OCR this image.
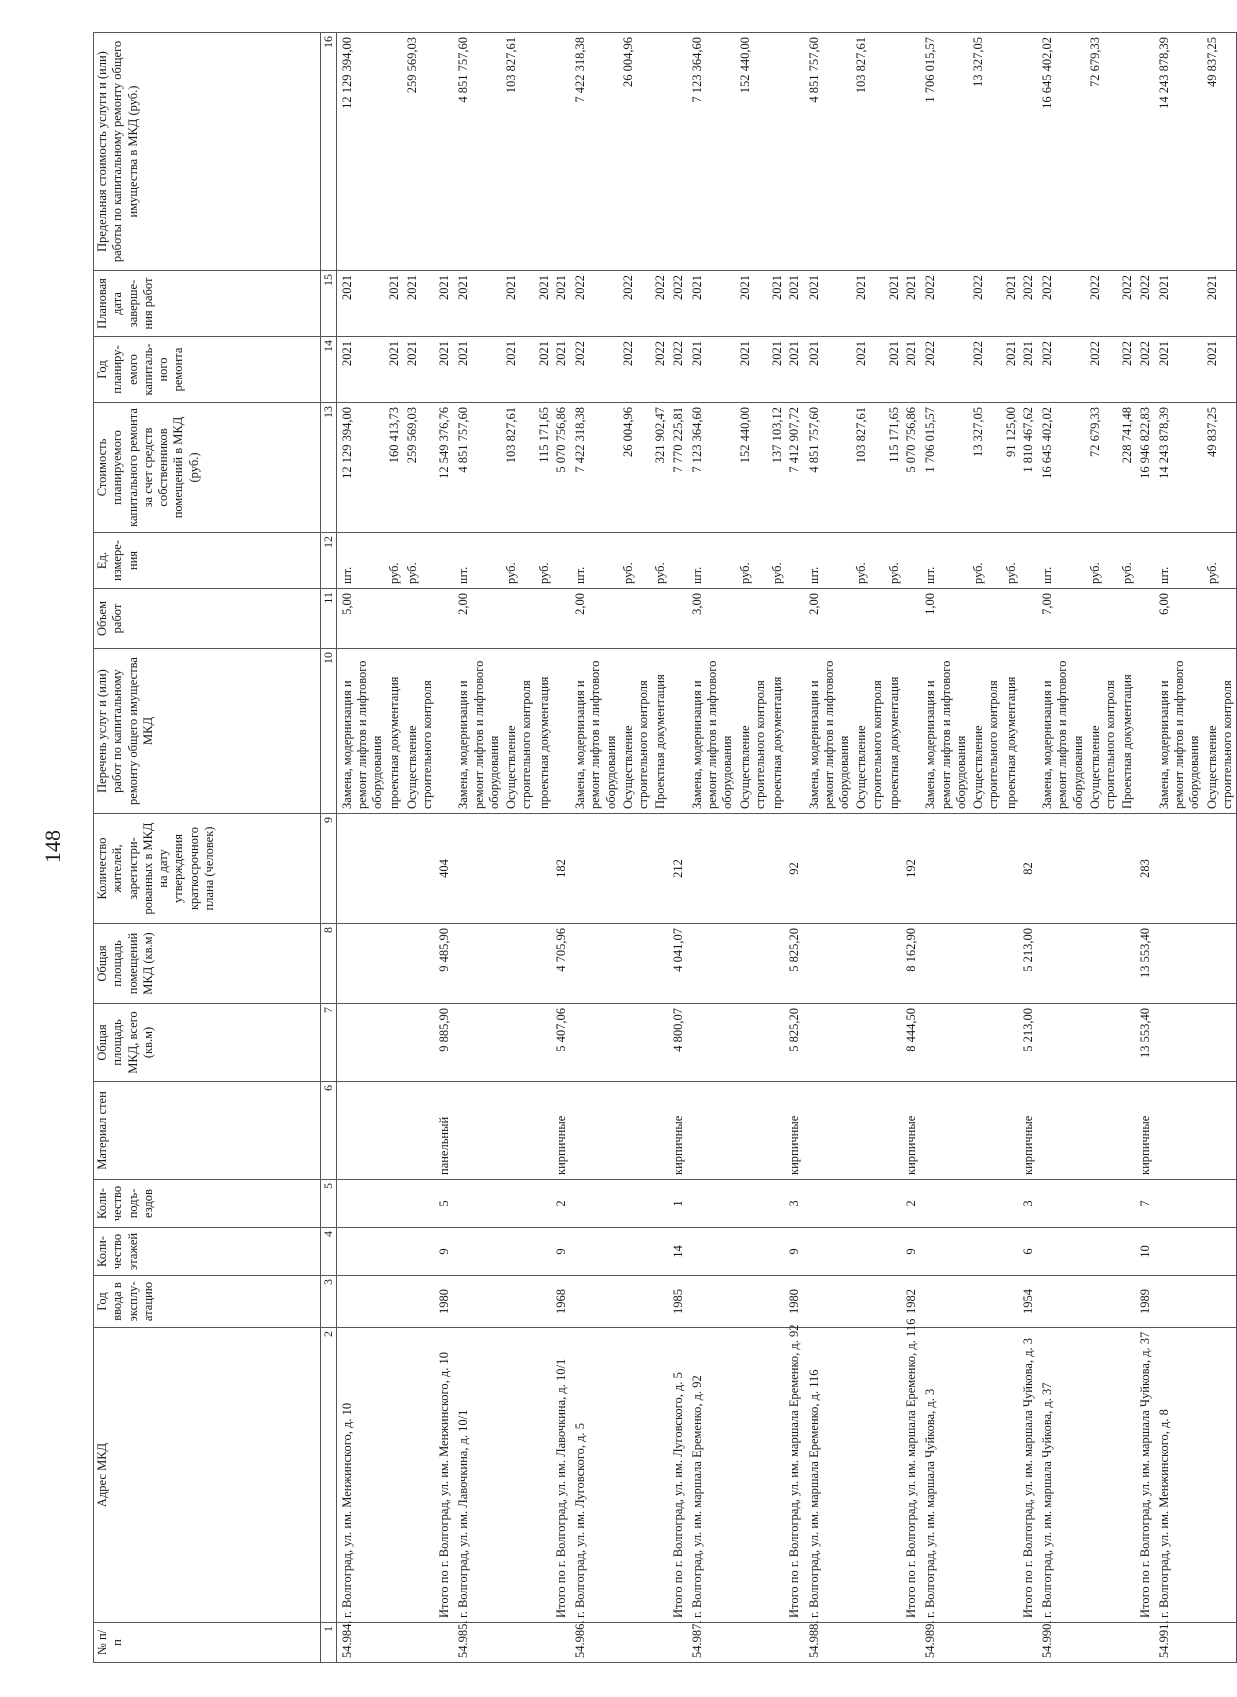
148
№ п/п	Адрес МКД	Год ввода в эксплу-атацию	Коли-чество этажей	Коли-чество подъ-ездов	Материал стен	Общая площадь МКД, всего (кв.м)	Общая площадь помещений МКД (кв.м)	Количество жителей, зарегистри-рованных в МКД на дату утверждения краткосрочного плана (человек)	Перечень услуг и (или) работ по капитальному ремонту общего имущества МКД	Объем работ	Ед. измере-ния	Стоимость планируемого капитального ремонта за счет средств собственников помещений в МКД (руб.)	Год планиру-емого капиталь-ного ремонта	Плановая дата заверше-ния работ	Предельная стоимость услуги и (или) работы по капитальному ремонту общего имущества в МКД (руб.)
1	2	3	4	5	6	7	8	9	10	11	12	13	14	15	16
54.984.	г. Волгоград, ул. им. Менжинского, д. 10								Замена, модернизация и ремонт лифтов и лифтового оборудования	5,00	шт.	12 129 394,00	2021	2021	12 129 394,00
									проектная документация		руб.	160 413,73	2021	2021	
									Осуществление строительного контроля		руб.	259 569,03	2021	2021	259 569,03
	Итого по г. Волгоград, ул. им. Менжинского, д. 10	1980	9	5	панельный	9 885,90	9 485,90	404				12 549 376,76	2021	2021	
54.985.	г. Волгоград, ул. им. Лавочкина, д. 10/1								Замена, модернизация и ремонт лифтов и лифтового оборудования	2,00	шт.	4 851 757,60	2021	2021	4 851 757,60
									Осуществление строительного контроля		руб.	103 827,61	2021	2021	103 827,61
									проектная документация		руб.	115 171,65	2021	2021	
	Итого по г. Волгоград, ул. им. Лавочкина, д. 10/1	1968	9	2	кирпичные	5 407,06	4 705,96	182				5 070 756,86	2021	2021	
54.986.	г. Волгоград, ул. им. Луговского, д. 5								Замена, модернизация и ремонт лифтов и лифтового оборудования	2,00	шт.	7 422 318,38	2022	2022	7 422 318,38
									Осуществление строительного контроля		руб.	26 004,96	2022	2022	26 004,96
									Проектная документация		руб.	321 902,47	2022	2022	
	Итого по г. Волгоград, ул. им. Луговского, д. 5	1985	14	1	кирпичные	4 800,07	4 041,07	212				7 770 225,81	2022	2022	
54.987.	г. Волгоград, ул. им. маршала Еременко, д. 92								Замена, модернизация и ремонт лифтов и лифтового оборудования	3,00	шт.	7 123 364,60	2021	2021	7 123 364,60
									Осуществление строительного контроля		руб.	152 440,00	2021	2021	152 440,00
									проектная документация		руб.	137 103,12	2021	2021	
	Итого по г. Волгоград, ул. им. маршала Еременко, д. 92	1980	9	3	кирпичные	5 825,20	5 825,20	92				7 412 907,72	2021	2021	
54.988.	г. Волгоград, ул. им. маршала Еременко, д. 116								Замена, модернизация и ремонт лифтов и лифтового оборудования	2,00	шт.	4 851 757,60	2021	2021	4 851 757,60
									Осуществление строительного контроля		руб.	103 827,61	2021	2021	103 827,61
									проектная документация		руб.	115 171,65	2021	2021	
	Итого по г. Волгоград, ул. им. маршала Еременко, д. 116	1982	9	2	кирпичные	8 444,50	8 162,90	192				5 070 756,86	2021	2021	
54.989.	г. Волгоград, ул. им. маршала Чуйкова, д. 3								Замена, модернизация и ремонт лифтов и лифтового оборудования	1,00	шт.	1 706 015,57	2022	2022	1 706 015,57
									Осуществление строительного контроля		руб.	13 327,05	2022	2022	13 327,05
									проектная документация		руб.	91 125,00	2021	2021	
	Итого по г. Волгоград, ул. им. маршала Чуйкова, д. 3	1954	6	3	кирпичные	5 213,00	5 213,00	82				1 810 467,62	2021	2022	
54.990.	г. Волгоград, ул. им. маршала Чуйкова, д. 37								Замена, модернизация и ремонт лифтов и лифтового оборудования	7,00	шт.	16 645 402,02	2022	2022	16 645 402,02
									Осуществление строительного контроля		руб.	72 679,33	2022	2022	72 679,33
									Проектная документация		руб.	228 741,48	2022	2022	
	Итого по г. Волгоград, ул. им. маршала Чуйкова, д. 37	1989	10	7	кирпичные	13 553,40	13 553,40	283				16 946 822,83	2022	2022	
54.991.	г. Волгоград, ул. им. Менжинского, д. 8								Замена, модернизация и ремонт лифтов и лифтового оборудования	6,00	шт.	14 243 878,39	2021	2021	14 243 878,39
									Осуществление строительного контроля		руб.	49 837,25	2021	2021	49 837,25
